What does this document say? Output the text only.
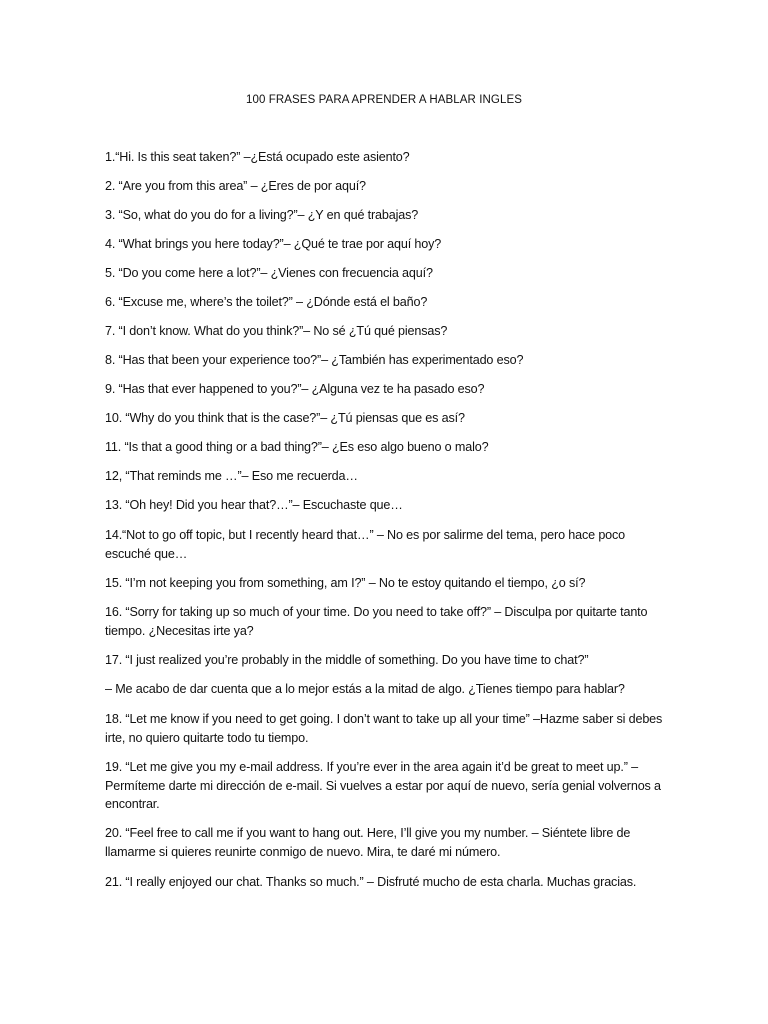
100 FRASES PARA APRENDER A HABLAR INGLES
1.“Hi. Is this seat taken?” –¿Está ocupado este asiento?
2. “Are you from this area” – ¿Eres de por aquí?
3. “So, what do you do for a living?”– ¿Y en qué trabajas?
4. “What brings you here today?”– ¿Qué te trae por aquí hoy?
5. “Do you come here a lot?”– ¿Vienes con frecuencia aquí?
6. “Excuse me, where’s the toilet?” – ¿Dónde está el baño?
7. “I don’t know. What do you think?”– No sé ¿Tú qué piensas?
8. “Has that been your experience too?”– ¿También has experimentado eso?
9. “Has that ever happened to you?”– ¿Alguna vez te ha pasado eso?
10. “Why do you think that is the case?”– ¿Tú piensas que es así?
11. “Is that a good thing or a bad thing?”– ¿Es eso algo bueno o malo?
12, “That reminds me …”– Eso me recuerda…
13. “Oh hey! Did you hear that?…”– Escuchaste que…
14.“Not to go off topic, but I recently heard that…” – No es por salirme del tema, pero hace poco escuché que…
15. “I’m not keeping you from something, am I?” – No te estoy quitando el tiempo, ¿o sí?
16. “Sorry for taking up so much of your time. Do you need to take off?” – Disculpa por quitarte tanto tiempo. ¿Necesitas irte ya?
17. “I just realized you’re probably in the middle of something. Do you have time to chat?”
– Me acabo de dar cuenta que a lo mejor estás a la mitad de algo. ¿Tienes tiempo para hablar?
18. “Let me know if you need to get going. I don’t want to take up all your time” –Hazme saber si debes irte, no quiero quitarte todo tu tiempo.
19. “Let me give you my e-mail address. If you’re ever in the area again it’d be great to meet up.” – Permíteme darte mi dirección de e-mail. Si vuelves a estar por aquí de nuevo, sería genial volvernos a encontrar.
20. “Feel free to call me if you want to hang out. Here, I’ll give you my number. – Siéntete libre de llamarme si quieres reunirte conmigo de nuevo. Mira, te daré mi número.
21. “I really enjoyed our chat. Thanks so much.” – Disfruté mucho de esta charla. Muchas gracias.
